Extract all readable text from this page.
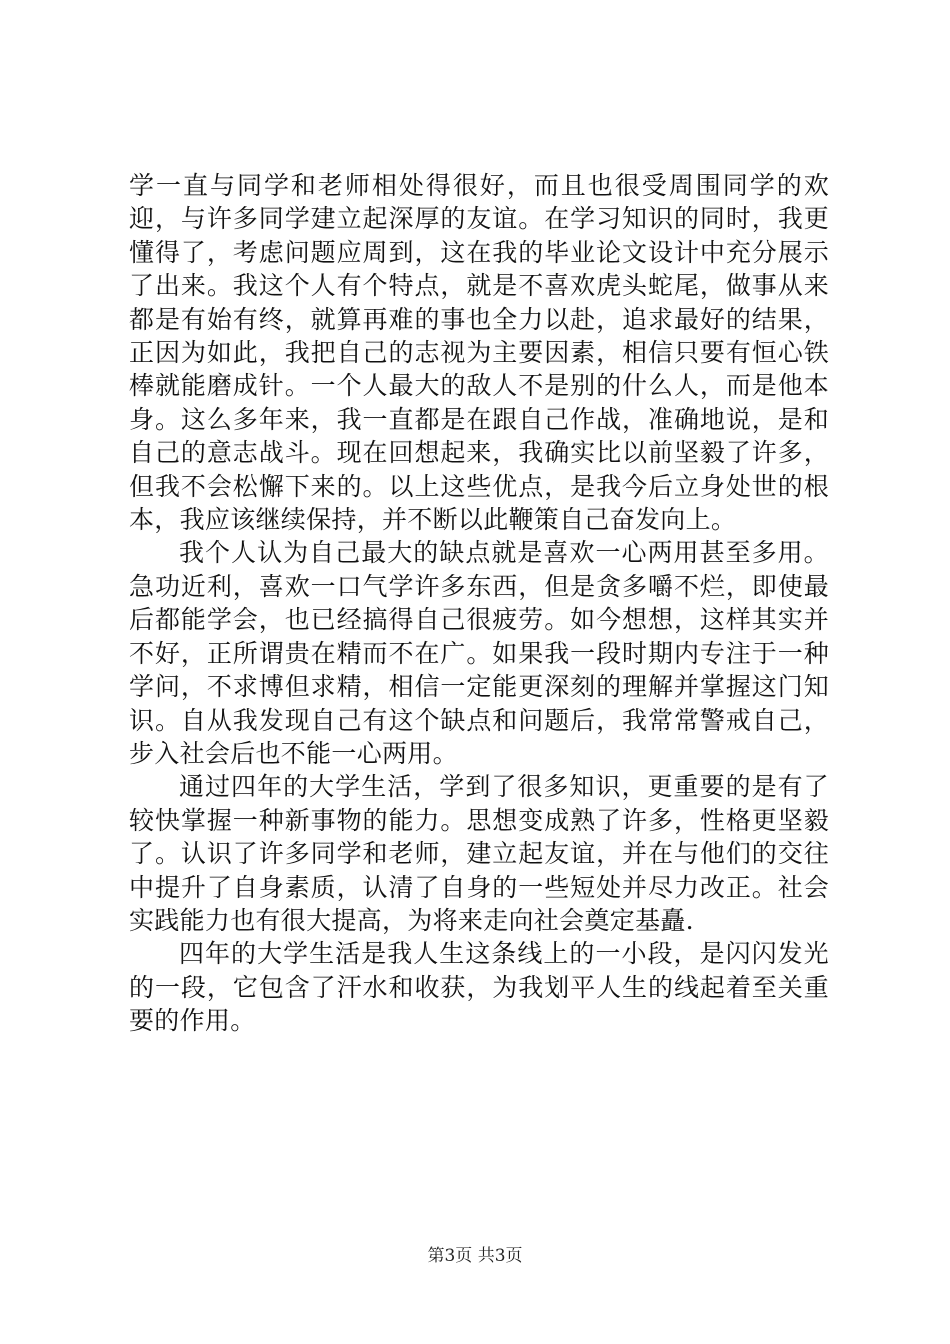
学一直与同学和老师相处得很好，而且也很受周围同学的欢迎，与许多同学建立起深厚的友谊。在学习知识的同时，我更懂得了，考虑问题应周到，这在我的毕业论文设计中充分展示了出来。我这个人有个特点，就是不喜欢虎头蛇尾，做事从来都是有始有终，就算再难的事也全力以赴，追求最好的结果，正因为如此，我把自己的志视为主要因素，相信只要有恒心铁棒就能磨成针。一个人最大的敌人不是别的什么人，而是他本身。这么多年来，我一直都是在跟自己作战，准确地说，是和自己的意志战斗。现在回想起来，我确实比以前坚毅了许多，但我不会松懈下来的。以上这些优点，是我今后立身处世的根本，我应该继续保持，并不断以此鞭策自己奋发向上。

我个人认为自己最大的缺点就是喜欢一心两用甚至多用。急功近利，喜欢一口气学许多东西，但是贪多嚼不烂，即使最后都能学会，也已经搞得自己很疲劳。如今想想，这样其实并不好，正所谓贵在精而不在广。如果我一段时期内专注于一种学问，不求博但求精，相信一定能更深刻的理解并掌握这门知识。自从我发现自己有这个缺点和问题后，我常常警戒自己，步入社会后也不能一心两用。

通过四年的大学生活，学到了很多知识，更重要的是有了较快掌握一种新事物的能力。思想变成熟了许多，性格更坚毅了。认识了许多同学和老师，建立起友谊，并在与他们的交往中提升了自身素质，认清了自身的一些短处并尽力改正。社会实践能力也有很大提高，为将来走向社会奠定基矗.

四年的大学生活是我人生这条线上的一小段，是闪闪发光的一段，它包含了汗水和收获，为我划平人生的线起着至关重要的作用。

第3页 共3页
